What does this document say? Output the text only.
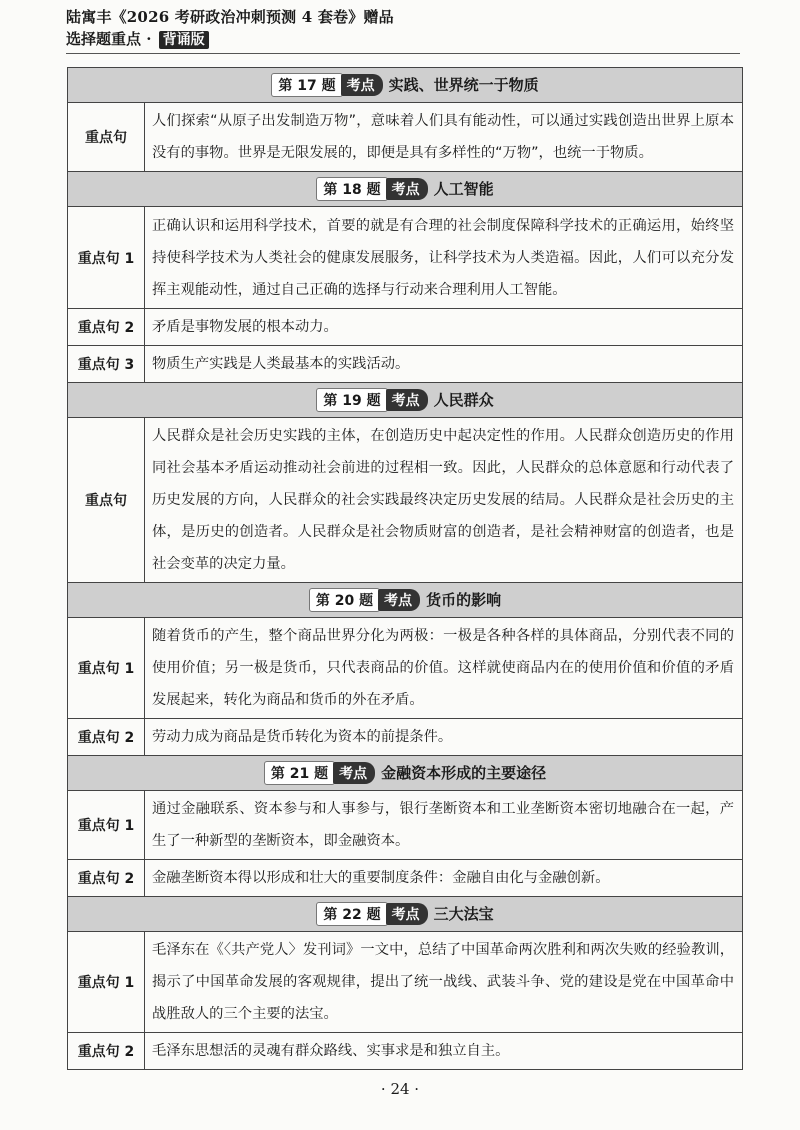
陆寓丰《2026 考研政治冲刺预测 4 套卷》赠品
选择题重点 · 背诵版
第 17 题 考点 实践、世界统一于物质	
重点句	人们探索“从原子出发制造万物”，意味着人们具有能动性，可以通过实践创造出世界上原本没有的事物。世界是无限发展的，即便是具有多样性的“万物”，也统一于物质。
第 18 题 考点 人工智能	
重点句 1	正确认识和运用科学技术，首要的就是有合理的社会制度保障科学技术的正确运用，始终坚持使科学技术为人类社会的健康发展服务，让科学技术为人类造福。因此，人们可以充分发挥主观能动性，通过自己正确的选择与行动来合理利用人工智能。
重点句 2	矛盾是事物发展的根本动力。
重点句 3	物质生产实践是人类最基本的实践活动。
第 19 题 考点 人民群众	
重点句	人民群众是社会历史实践的主体，在创造历史中起决定性的作用。人民群众创造历史的作用同社会基本矛盾运动推动社会前进的过程相一致。因此，人民群众的总体意愿和行动代表了历史发展的方向，人民群众的社会实践最终决定历史发展的结局。人民群众是社会历史的主体，是历史的创造者。人民群众是社会物质财富的创造者，是社会精神财富的创造者，也是社会变革的决定力量。
第 20 题 考点 货币的影响	
重点句 1	随着货币的产生，整个商品世界分化为两极：一极是各种各样的具体商品，分别代表不同的使用价值；另一极是货币，只代表商品的价值。这样就使商品内在的使用价值和价值的矛盾发展起来，转化为商品和货币的外在矛盾。
重点句 2	劳动力成为商品是货币转化为资本的前提条件。
第 21 题 考点 金融资本形成的主要途径	
重点句 1	通过金融联系、资本参与和人事参与，银行垄断资本和工业垄断资本密切地融合在一起，产生了一种新型的垄断资本，即金融资本。
重点句 2	金融垄断资本得以形成和壮大的重要制度条件：金融自由化与金融创新。
第 22 题 考点 三大法宝	
重点句 1	毛泽东在《〈共产党人〉发刊词》一文中，总结了中国革命两次胜利和两次失败的经验教训，揭示了中国革命发展的客观规律，提出了统一战线、武装斗争、党的建设是党在中国革命中战胜敌人的三个主要的法宝。
重点句 2	毛泽东思想活的灵魂有群众路线、实事求是和独立自主。
· 24 ·
